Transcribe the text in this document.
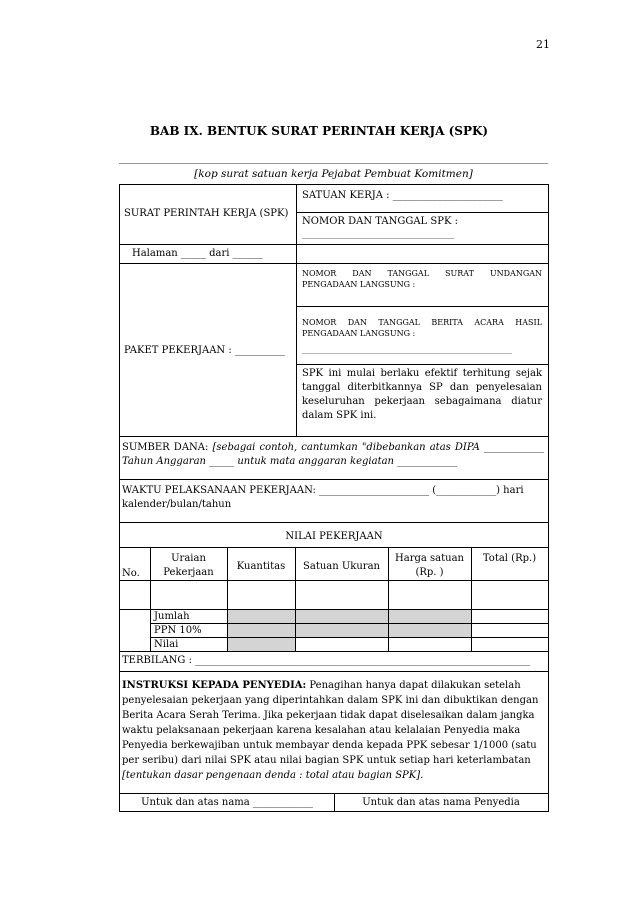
21
BAB IX. BENTUK SURAT PERINTAH KERJA (SPK)
[kop surat satuan kerja Pejabat Pembuat Komitmen]
SURAT PERINTAH KERJA (SPK)
SATUAN KERJA : ______________________
NOMOR DAN TANGGAL SPK :
______________________________________
Halaman _____ dari ______
PAKET PEKERJAAN : __________
NOMOR DAN TANGGAL SURAT UNDANGAN PENGADAAN LANGSUNG :
NOMOR DAN TANGGAL BERITA ACARA HASIL PENGADAAN LANGSUNG :
____________________________________________________________
SPK ini mulai berlaku efektif terhitung sejak tanggal diterbitkannya SP dan penyelesaian keseluruhan pekerjaan sebagaimana diatur dalam SPK ini.
SUMBER DANA: [sebagai contoh, cantumkan "dibebankan atas DIPA ____________ Tahun Anggaran _____ untuk mata anggaran kegiatan ____________
WAKTU PELAKSANAAN PEKERJAAN: ______________________ (____________) hari
kalender/bulan/tahun
NILAI PEKERJAAN
No.
Uraian Pekerjaan
Kuantitas	Satuan Ukuran
Harga satuan (Rp. )
Total (Rp.)
Jumlah
PPN 10%
Nilai
TERBILANG : ___________________________________________________________________
INSTRUKSI KEPADA PENYEDIA: Penagihan hanya dapat dilakukan setelah penyelesaian pekerjaan yang diperintahkan dalam SPK ini dan dibuktikan dengan Berita Acara Serah Terima. Jika pekerjaan tidak dapat diselesaikan dalam jangka waktu pelaksanaan pekerjaan karena kesalahan atau kelalaian Penyedia maka Penyedia berkewajiban untuk membayar denda kepada PPK sebesar 1/1000 (satu per seribu) dari nilai SPK atau nilai bagian SPK untuk setiap hari keterlambatan [tentukan dasar pengenaan denda : total atau bagian SPK].
Untuk dan atas nama ____________	Untuk dan atas nama Penyedia
